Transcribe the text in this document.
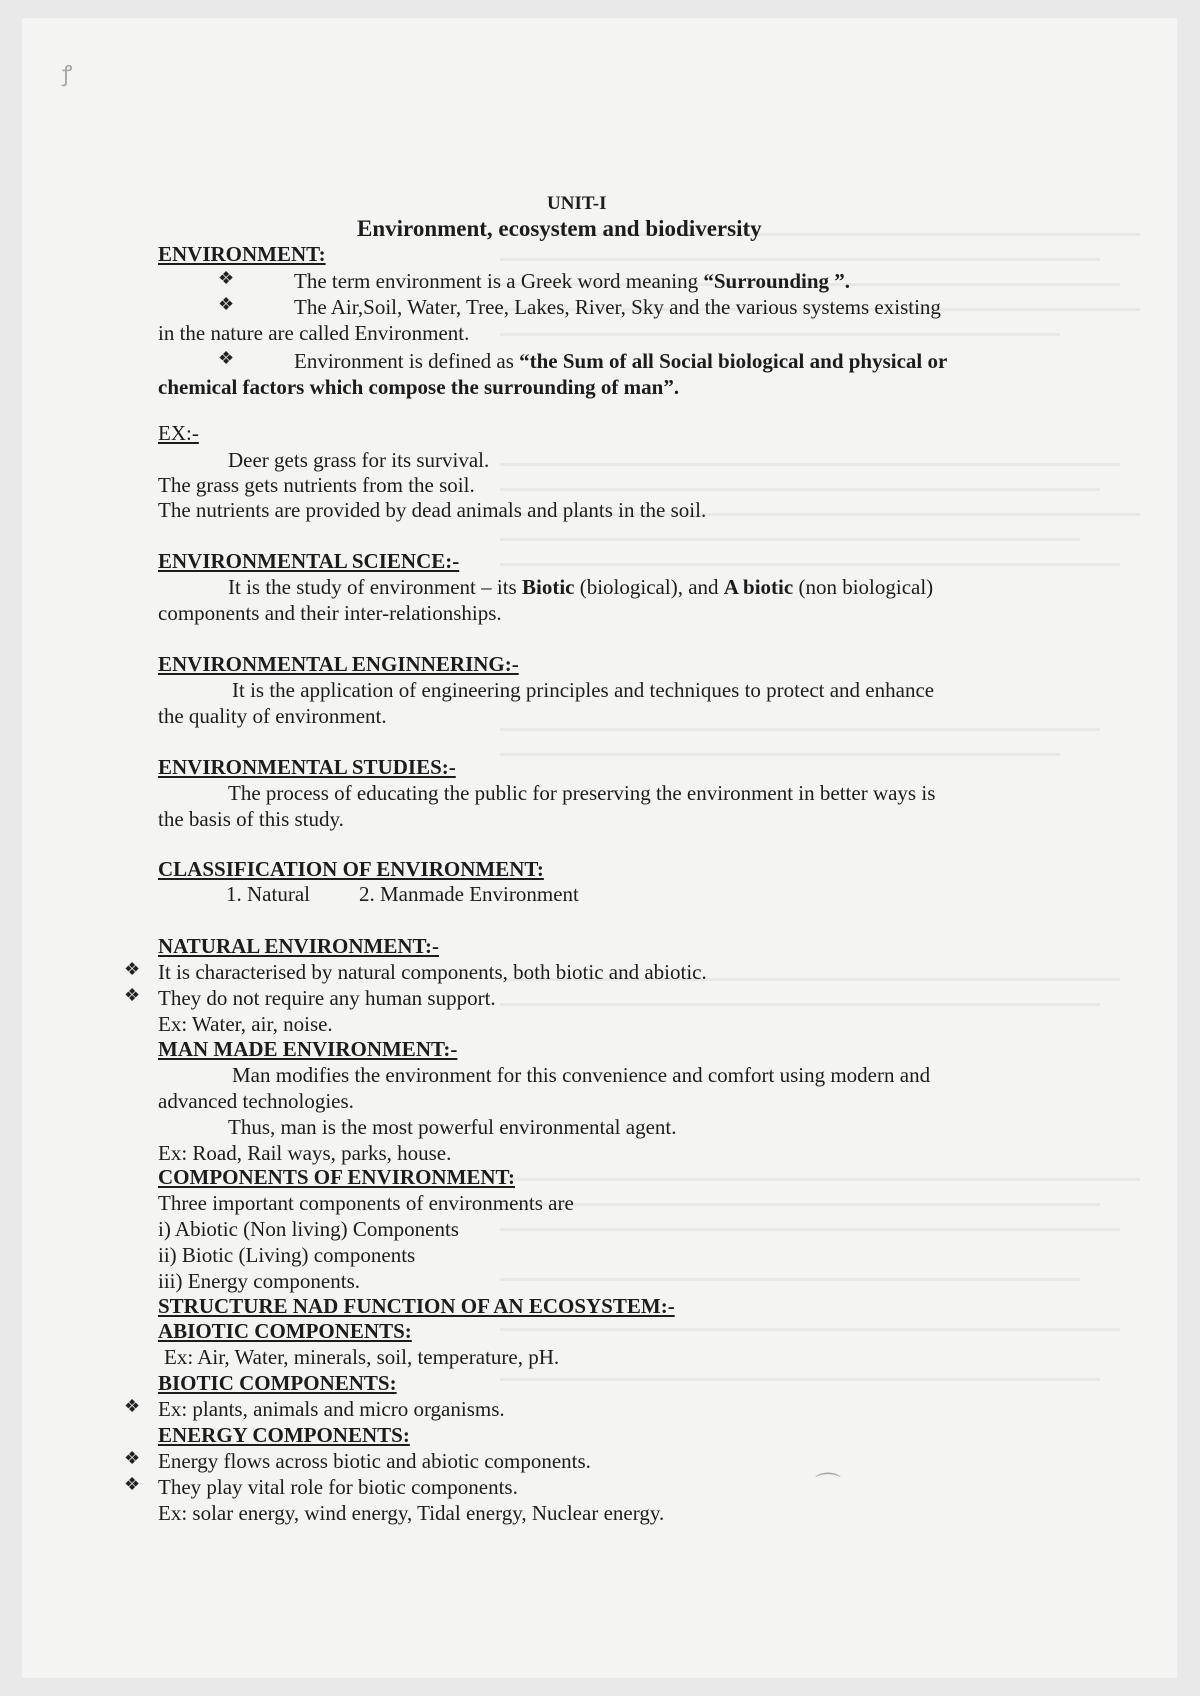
ꝭ
UNIT-I
Environment, ecosystem and biodiversity
ENVIRONMENT:
❖	The term environment is a Greek word meaning “Surrounding ”.
❖	The Air,Soil, Water, Tree, Lakes, River, Sky and the various systems existing
in the nature are called Environment.
❖	Environment is defined as “the Sum of all Social biological and physical or
chemical factors which compose the surrounding of man”.
EX:-
Deer gets grass for its survival.
The grass gets nutrients from the soil.
The nutrients are provided by dead animals and plants in the soil.
ENVIRONMENTAL SCIENCE:-
It is the study of environment – its Biotic (biological), and A biotic (non biological)
components and their inter-relationships.
ENVIRONMENTAL ENGINNERING:-
It is the application of engineering principles and techniques to protect and enhance
the quality of environment.
ENVIRONMENTAL STUDIES:-
The process of educating the public for preserving the environment in better ways is
the basis of this study.
CLASSIFICATION OF ENVIRONMENT:
1. Natural 2. Manmade Environment
NATURAL ENVIRONMENT:-
❖ It is characterised by natural components, both biotic and abiotic.
❖ They do not require any human support.
Ex: Water, air, noise.
MAN MADE ENVIRONMENT:-
Man modifies the environment for this convenience and comfort using modern and
advanced technologies.
Thus, man is the most powerful environmental agent.
Ex: Road, Rail ways, parks, house.
COMPONENTS OF ENVIRONMENT:
Three important components of environments are
i) Abiotic (Non living) Components
ii) Biotic (Living) components
iii) Energy components.
STRUCTURE NAD FUNCTION OF AN ECOSYSTEM:-
ABIOTIC COMPONENTS:
Ex: Air, Water, minerals, soil, temperature, pH.
BIOTIC COMPONENTS:
❖ Ex: plants, animals and micro organisms.
ENERGY COMPONENTS:
❖ Energy flows across biotic and abiotic components.
❖ They play vital role for biotic components.
Ex: solar energy, wind energy, Tidal energy, Nuclear energy.
⌒
